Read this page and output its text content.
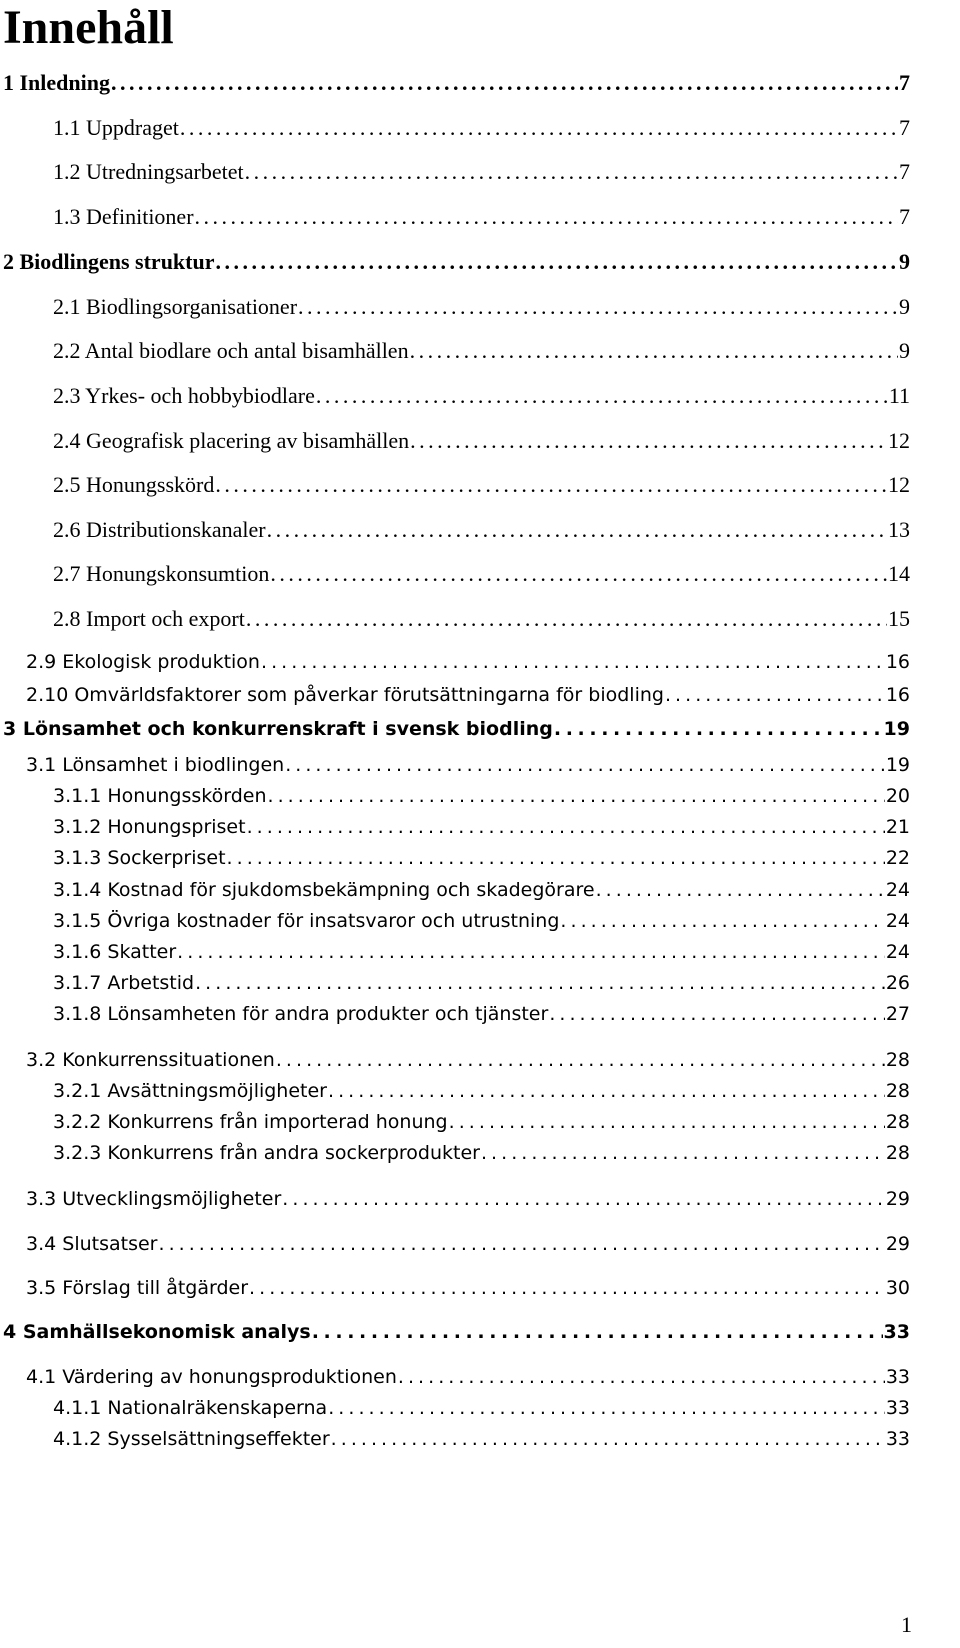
Innehåll
1 Inledning . . .	7
1.1 Uppdraget . . .	7
1.2 Utredningsarbetet . . .	7
1.3 Definitioner . . .	7
2 Biodlingens struktur . . .	9
2.1 Biodlingsorganisationer . . .	9
2.2 Antal biodlare och antal bisamhällen . . .	9
2.3 Yrkes- och hobbybiodlare . . .	11
2.4 Geografisk placering av bisamhällen . . .	12
2.5 Honungsskörd . . .	12
2.6 Distributionskanaler . . .	13
2.7 Honungskonsumtion . . .	14
2.8 Import och export . . .	15
2.9 Ekologisk produktion . . .	16
2.10 Omvärldsfaktorer som påverkar förutsättningarna för biodling . . .	16
3 Lönsamhet och konkurrenskraft i svensk biodling . . .	19
3.1 Lönsamhet i biodlingen . . .	19
3.1.1 Honungsskörden . . .	20
3.1.2 Honungspriset . . .	21
3.1.3 Sockerpriset . . .	22
3.1.4 Kostnad för sjukdomsbekämpning och skadegörare . . .	24
3.1.5 Övriga kostnader för insatsvaror och utrustning . . .	24
3.1.6 Skatter . . .	24
3.1.7 Arbetstid . . .	26
3.1.8 Lönsamheten för andra produkter och tjänster . . .	27
3.2 Konkurrenssituationen . . .	28
3.2.1 Avsättningsmöjligheter . . .	28
3.2.2 Konkurrens från importerad honung . . .	28
3.2.3 Konkurrens från andra sockerprodukter . . .	28
3.3 Utvecklingsmöjligheter . . .	29
3.4 Slutsatser . . .	29
3.5 Förslag till åtgärder . . .	30
4 Samhällsekonomisk analys . . .	33
4.1 Värdering av honungsproduktionen . . .	33
4.1.1 Nationalräkenskaperna . . .	33
4.1.2 Sysselsättningseffekter . . .	33
1
